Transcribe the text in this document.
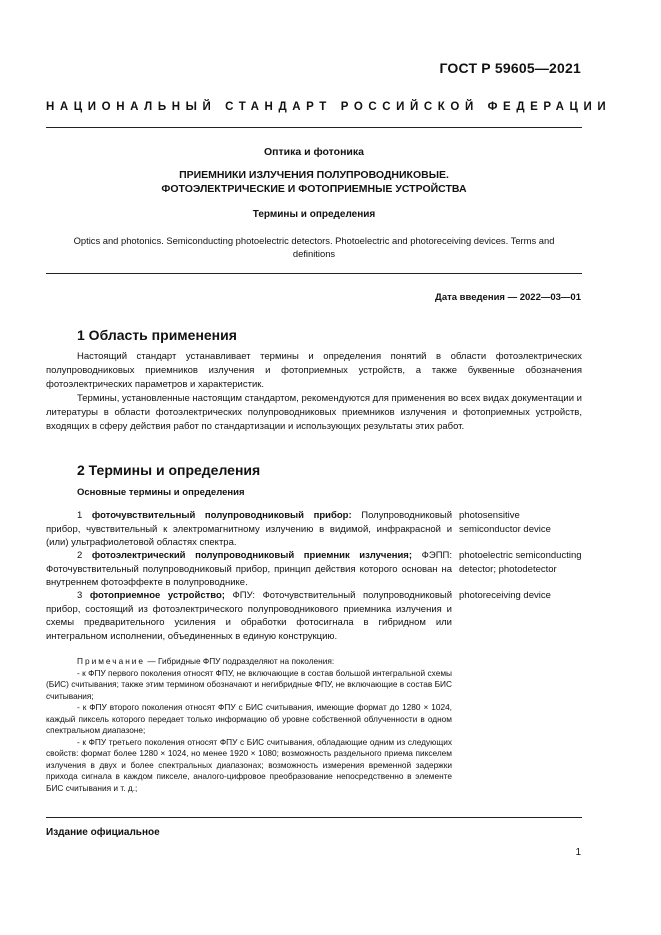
ГОСТ Р 59605—2021
НАЦИОНАЛЬНЫЙ СТАНДАРТ РОССИЙСКОЙ ФЕДЕРАЦИИ
Оптика и фотоника
ПРИЕМНИКИ ИЗЛУЧЕНИЯ ПОЛУПРОВОДНИКОВЫЕ.
ФОТОЭЛЕКТРИЧЕСКИЕ И ФОТОПРИЕМНЫЕ УСТРОЙСТВА
Термины и определения
Optics and photonics. Semiconducting photoelectric detectors. Photoelectric and photoreceiving devices. Terms and definitions
Дата введения — 2022—03—01
1 Область применения

Настоящий стандарт устанавливает термины и определения понятий в области фотоэлектрических полупроводниковых приемников излучения и фотоприемных устройств, а также буквенные обозначения фотоэлектрических параметров и характеристик.

Термины, установленные настоящим стандартом, рекомендуются для применения во всех видах документации и литературы в области фотоэлектрических полупроводниковых приемников излучения и фотоприемных устройств, входящих в сферу действия работ по стандартизации и использующих результаты этих работ.

2 Термины и определения
Основные термины и определения

1 фоточувствительный полупроводниковый прибор: Полупроводниковый прибор, чувствительный к электромагнитному излучению в видимой, инфракрасной и (или) ультрафиолетовой областях спектра.

photosensitive semiconductor device

2 фотоэлектрический полупроводниковый приемник излучения; ФЭПП: Фоточувствительный полупроводниковый прибор, принцип действия которого основан на внутреннем фотоэффекте в полупроводнике.

photoelectric semiconducting detector; photodetector

3 фотоприемное устройство; ФПУ: Фоточувствительный полупроводниковый прибор, состоящий из фотоэлектрического полупроводникового приемника излучения и схемы предварительного усиления и обработки фотосигнала в гибридном или интегральном исполнении, объединенных в единую конструкцию.

photoreceiving device

Примечание — Гибридные ФПУ подразделяют на поколения:

- к ФПУ первого поколения относят ФПУ, не включающие в состав большой интегральной схемы (БИС) считывания; также этим термином обозначают и негибридные ФПУ, не включающие в состав БИС считывания;

- к ФПУ второго поколения относят ФПУ с БИС считывания, имеющие формат до 1280 × 1024, каждый пиксель которого передает только информацию об уровне собственной облученности в одном спектральном диапазоне;

- к ФПУ третьего поколения относят ФПУ с БИС считывания, обладающие одним из следующих свойств: формат более 1280 × 1024, но менее 1920 × 1080; возможность раздельного приема пикселем излучения в двух и более спектральных диапазонах; возможность измерения временной задержки прихода сигнала в каждом пикселе, аналого-цифровое преобразование непосредственно в элементе БИС считывания и т. д.;

Издание официальное
1
